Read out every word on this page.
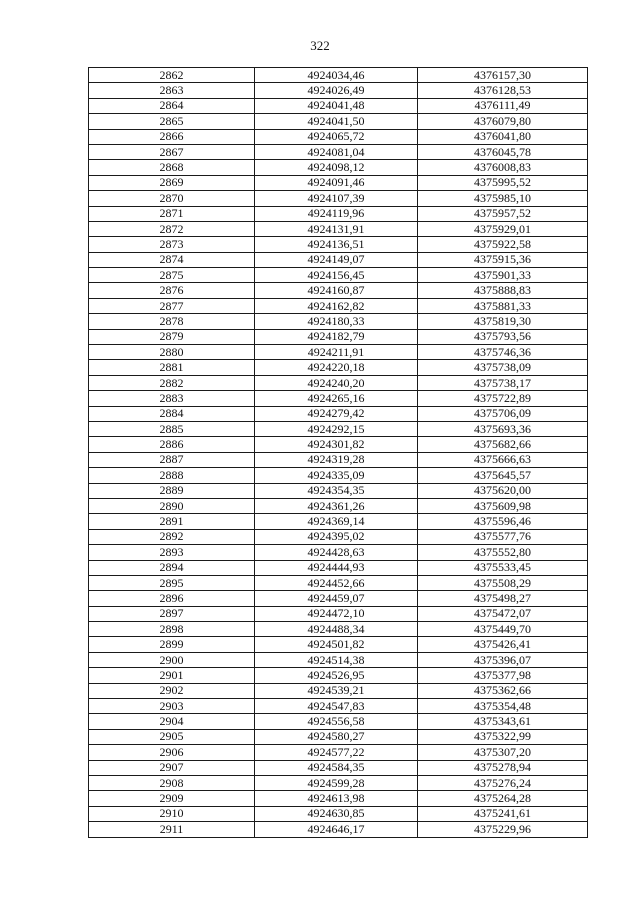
322
2862	4924034,46	4376157,30
2863	4924026,49	4376128,53
2864	4924041,48	4376111,49
2865	4924041,50	4376079,80
2866	4924065,72	4376041,80
2867	4924081,04	4376045,78
2868	4924098,12	4376008,83
2869	4924091,46	4375995,52
2870	4924107,39	4375985,10
2871	4924119,96	4375957,52
2872	4924131,91	4375929,01
2873	4924136,51	4375922,58
2874	4924149,07	4375915,36
2875	4924156,45	4375901,33
2876	4924160,87	4375888,83
2877	4924162,82	4375881,33
2878	4924180,33	4375819,30
2879	4924182,79	4375793,56
2880	4924211,91	4375746,36
2881	4924220,18	4375738,09
2882	4924240,20	4375738,17
2883	4924265,16	4375722,89
2884	4924279,42	4375706,09
2885	4924292,15	4375693,36
2886	4924301,82	4375682,66
2887	4924319,28	4375666,63
2888	4924335,09	4375645,57
2889	4924354,35	4375620,00
2890	4924361,26	4375609,98
2891	4924369,14	4375596,46
2892	4924395,02	4375577,76
2893	4924428,63	4375552,80
2894	4924444,93	4375533,45
2895	4924452,66	4375508,29
2896	4924459,07	4375498,27
2897	4924472,10	4375472,07
2898	4924488,34	4375449,70
2899	4924501,82	4375426,41
2900	4924514,38	4375396,07
2901	4924526,95	4375377,98
2902	4924539,21	4375362,66
2903	4924547,83	4375354,48
2904	4924556,58	4375343,61
2905	4924580,27	4375322,99
2906	4924577,22	4375307,20
2907	4924584,35	4375278,94
2908	4924599,28	4375276,24
2909	4924613,98	4375264,28
2910	4924630,85	4375241,61
2911	4924646,17	4375229,96
